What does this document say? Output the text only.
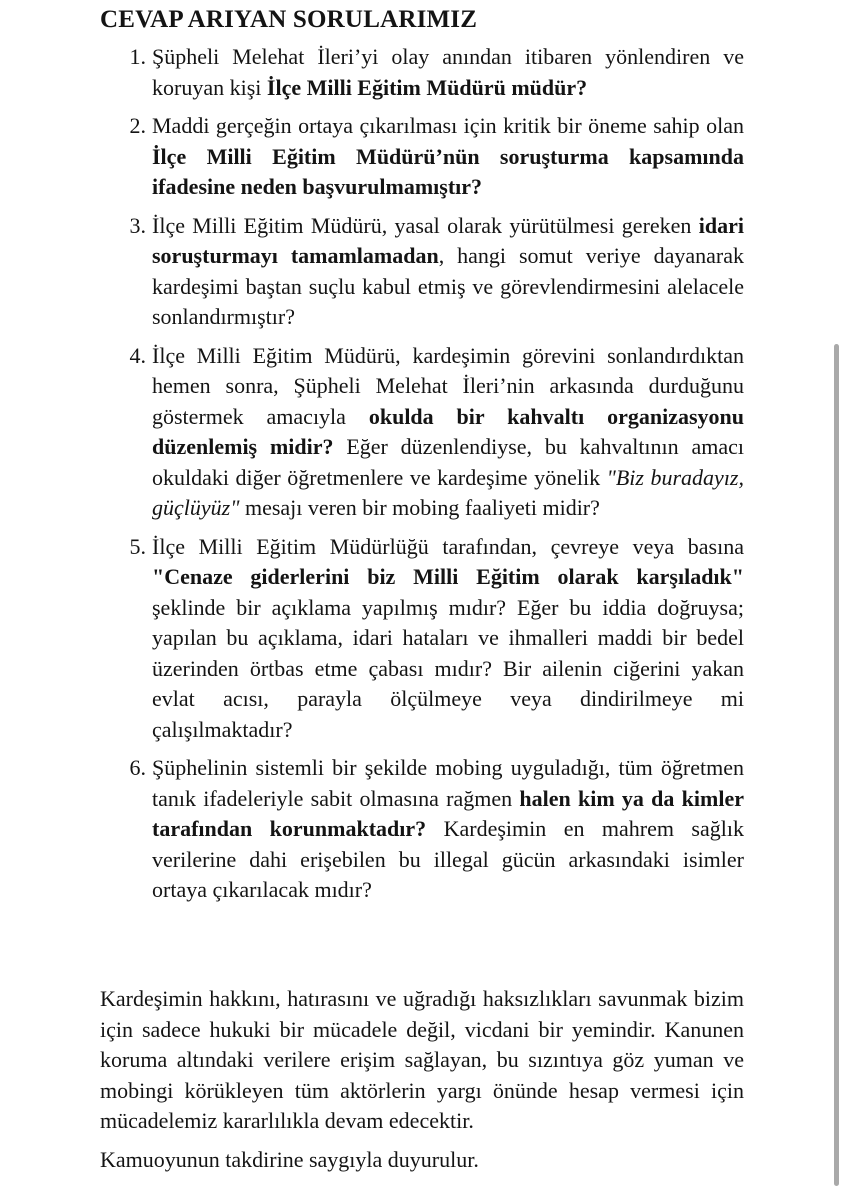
CEVAP ARIYAN SORULARIMIZ
1. Şüpheli Melehat İleri’yi olay anından itibaren yönlendiren ve koruyan kişi İlçe Milli Eğitim Müdürü müdür?
2. Maddi gerçeğin ortaya çıkarılması için kritik bir öneme sahip olan İlçe Milli Eğitim Müdürü’nün soruşturma kapsamında ifadesine neden başvurulmamıştır?
3. İlçe Milli Eğitim Müdürü, yasal olarak yürütülmesi gereken idari soruşturmayı tamamlamadan, hangi somut veriye dayanarak kardeşimi baştan suçlu kabul etmiş ve görevlendirmesini alelacele sonlandırmıştır?
4. İlçe Milli Eğitim Müdürü, kardeşimin görevini sonlandırdıktan hemen sonra, Şüpheli Melehat İleri’nin arkasında durduğunu göstermek amacıyla okulda bir kahvaltı organizasyonu düzenlemiş midir? Eğer düzenlendiyse, bu kahvaltının amacı okuldaki diğer öğretmenlere ve kardeşime yönelik "Biz buradayız, güçlüyüz" mesajı veren bir mobing faaliyeti midir?
5. İlçe Milli Eğitim Müdürlüğü tarafından, çevreye veya basına "Cenaze giderlerini biz Milli Eğitim olarak karşıladık" şeklinde bir açıklama yapılmış mıdır? Eğer bu iddia doğruysa; yapılan bu açıklama, idari hataları ve ihmalleri maddi bir bedel üzerinden örtbas etme çabası mıdır? Bir ailenin ciğerini yakan evlat acısı, parayla ölçülmeye veya dindirilmeye mi çalışılmaktadır?
6. Şüphelinin sistemli bir şekilde mobing uyguladığı, tüm öğretmen tanık ifadeleriyle sabit olmasına rağmen halen kim ya da kimler tarafından korunmaktadır? Kardeşimin en mahrem sağlık verilerine dahi erişebilen bu illegal gücün arkasındaki isimler ortaya çıkarılacak mıdır?

Kardeşimin hakkını, hatırasını ve uğradığı haksızlıkları savunmak bizim için sadece hukuki bir mücadele değil, vicdani bir yemindir. Kanunen koruma altındaki verilere erişim sağlayan, bu sızıntıya göz yuman ve mobingi körükleyen tüm aktörlerin yargı önünde hesap vermesi için mücadelemiz kararlılıkla devam edecektir.

Kamuoyunun takdirine saygıyla duyurulur.
